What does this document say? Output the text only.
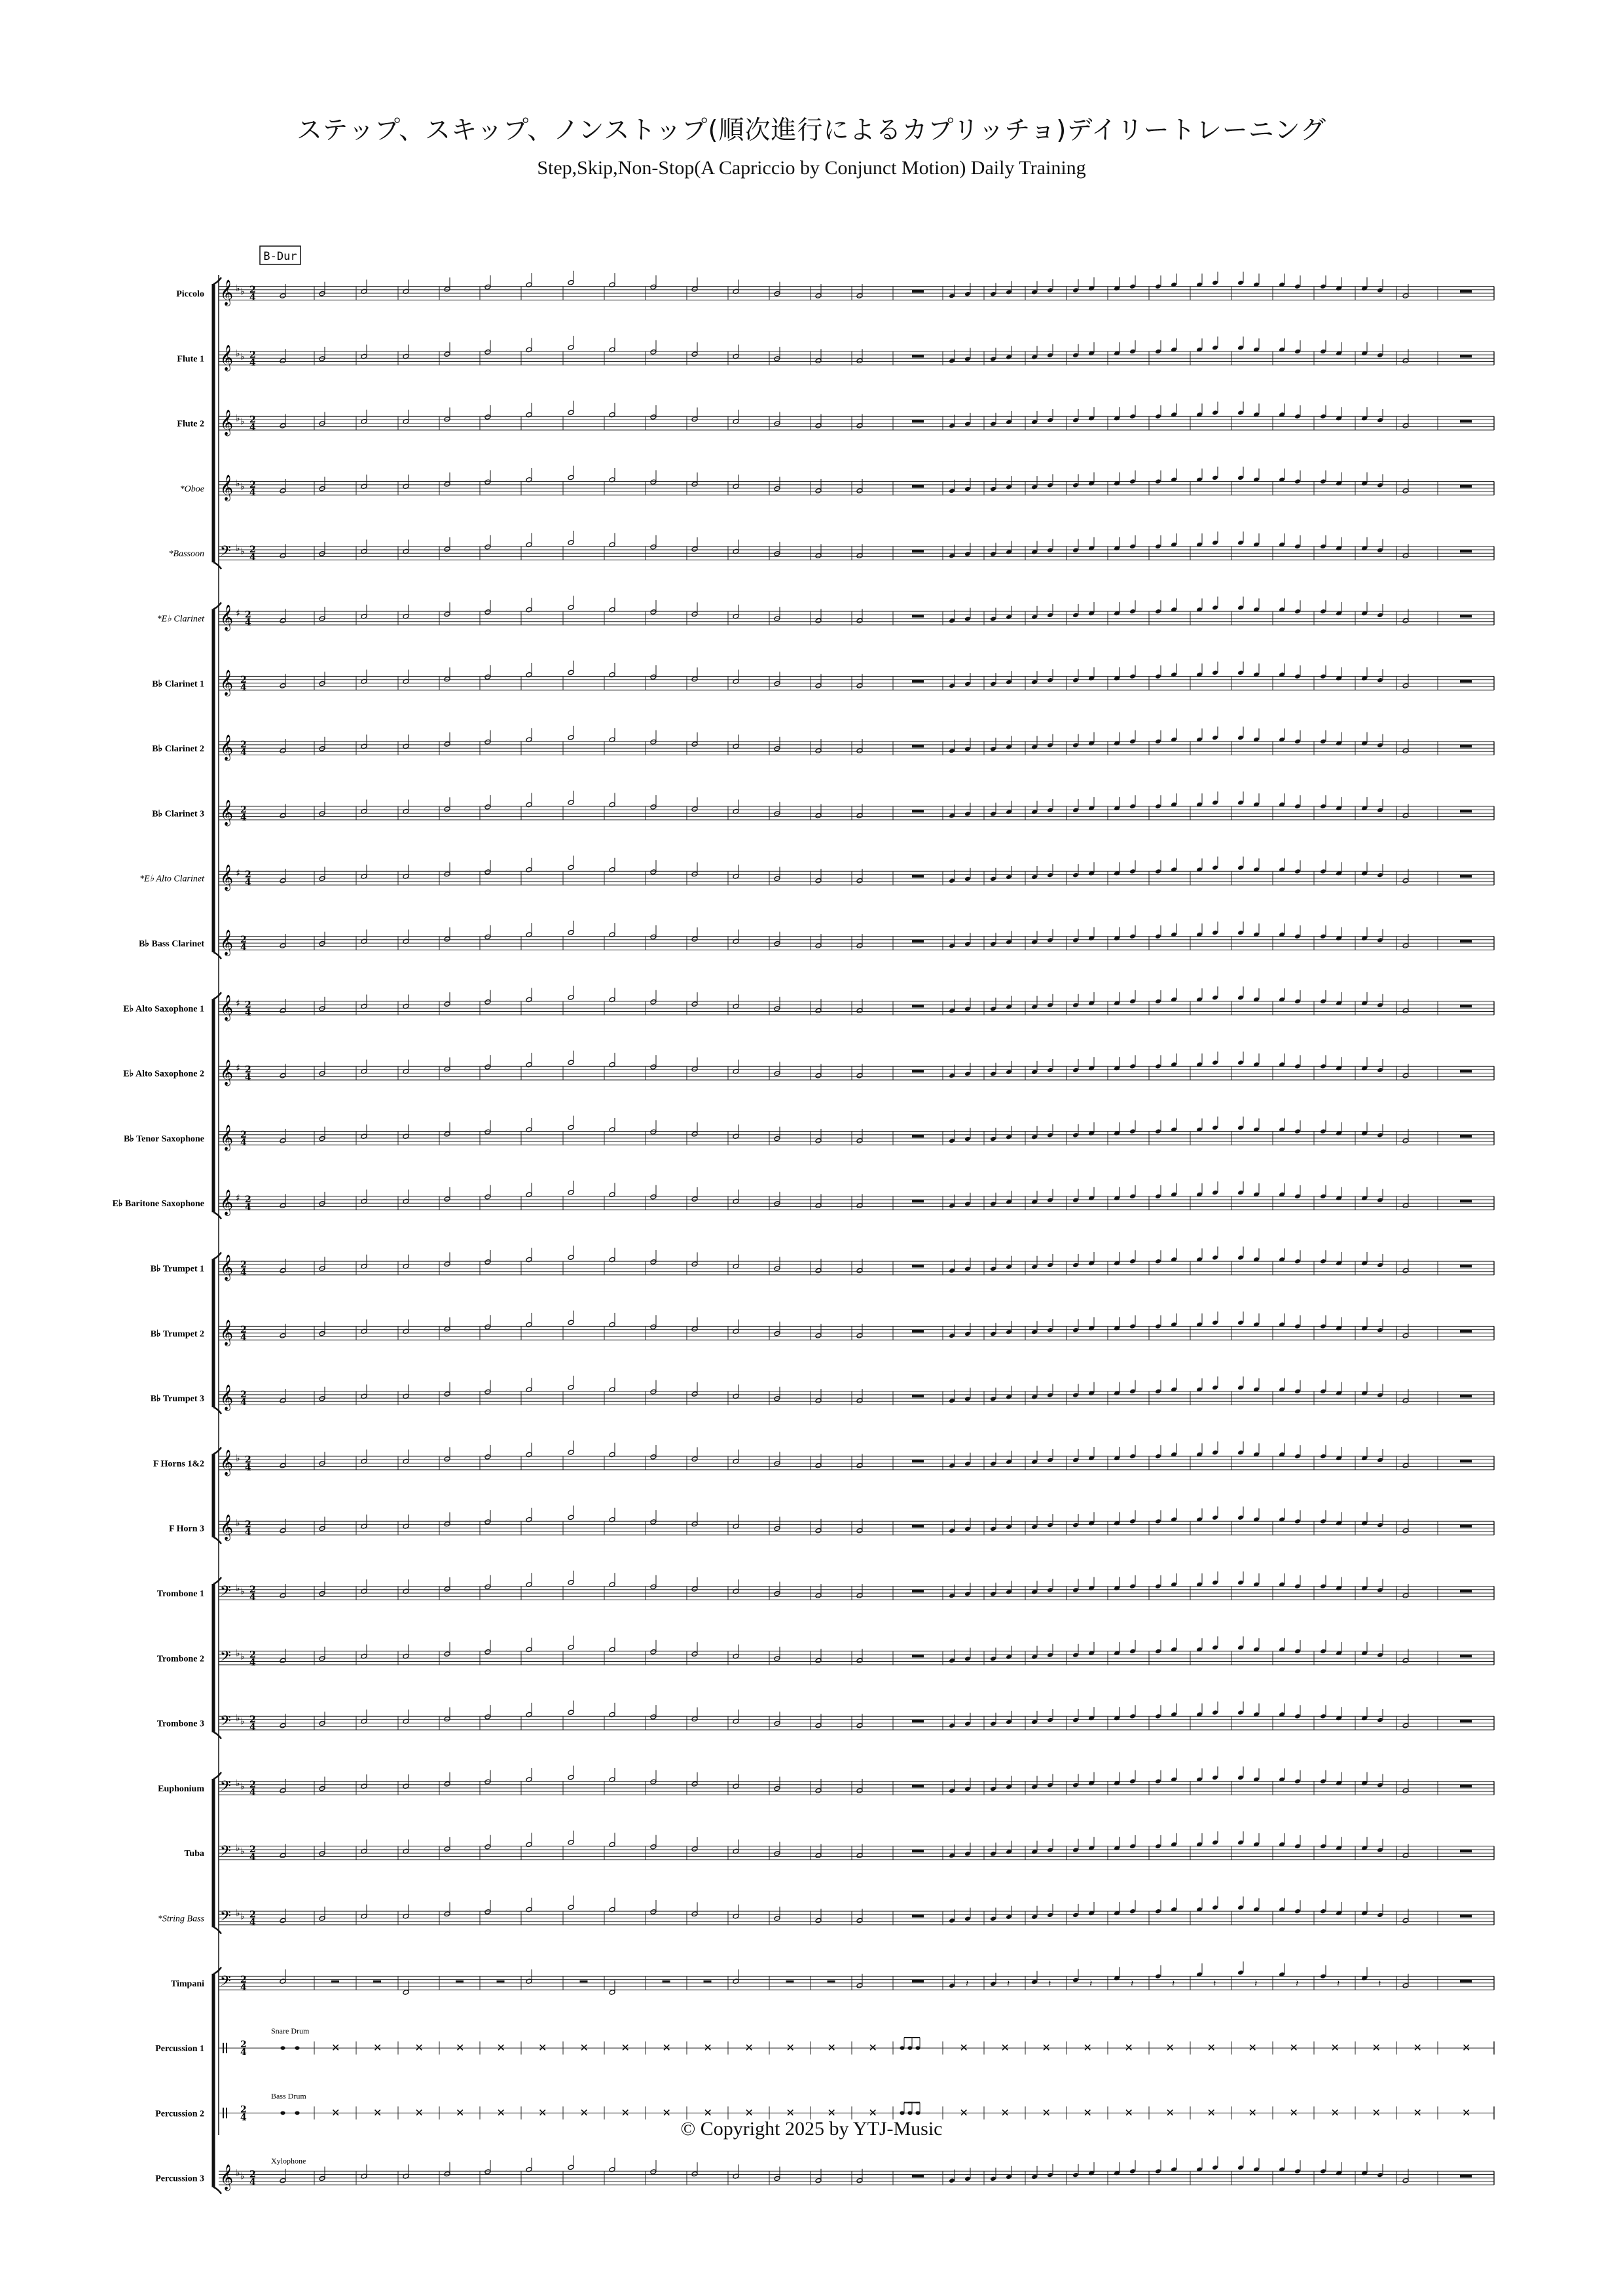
ステップ、スキップ、ノンストップ(順次進行によるカプリッチョ)デイリートレーニング
Step,Skip,Non-Stop(A Capriccio by Conjunct Motion) Daily Training
B-Dur
Piccolo 𝄞 ♭ ♭ 2
4
Flute 1 𝄞 ♭ ♭ 2
4
Flute 2 𝄞 ♭ ♭ 2
4
*Oboe 𝄞 ♭ ♭ 2
4
*Bassoon 𝄢 ♭ ♭ 2
4
*E♭ Clarinet 𝄞 ♯ 2
4
B♭ Clarinet 1 𝄞 2
4
B♭ Clarinet 2 𝄞 2
4
B♭ Clarinet 3 𝄞 2
4
*E♭ Alto Clarinet 𝄞 ♯ 2
4
B♭ Bass Clarinet 𝄞 2
4
E♭ Alto Saxophone 1 𝄞 ♯ 2
4
E♭ Alto Saxophone 2 𝄞 ♯ 2
4
B♭ Tenor Saxophone 𝄞 2
4
E♭ Baritone Saxophone 𝄞 ♯ 2
4
B♭ Trumpet 1 𝄞 2
4
B♭ Trumpet 2 𝄞 2
4
B♭ Trumpet 3 𝄞 2
4
F Horns 1&2 𝄞 ♭ 2
4
F Horn 3 𝄞 ♭ 2
4
Trombone 1 𝄢 ♭ ♭ 2
4
Trombone 2 𝄢 ♭ ♭ 2
4
Trombone 3 𝄢 ♭ ♭ 2
4
Euphonium 𝄢 ♭ ♭ 2
4
Tuba 𝄢 ♭ ♭ 2
4
*String Bass 𝄢 ♭ ♭ 2
4
Timpani 𝄢 2
4	𝄽	𝄽	𝄽	𝄽	𝄽	𝄽	𝄽	𝄽	𝄽	𝄽	𝄽
Percussion 1	2
4
Snare Drum
✕	✕	✕	✕	✕	✕	✕	✕	✕	✕	✕	✕	✕	✕	✕	✕	✕	✕	✕	✕	✕	✕	✕	✕	✕	✕	✕
Percussion 2	2
4
Bass Drum
✕	✕	✕	✕	✕	✕	✕	✕	✕	✕	✕	✕	✕	✕	✕	✕	✕	✕	✕	✕	✕	✕	✕	✕	✕	✕	✕
Percussion 3 𝄞 ♭ ♭ 2
4
Xylophone
© Copyright 2025 by YTJ-Music
